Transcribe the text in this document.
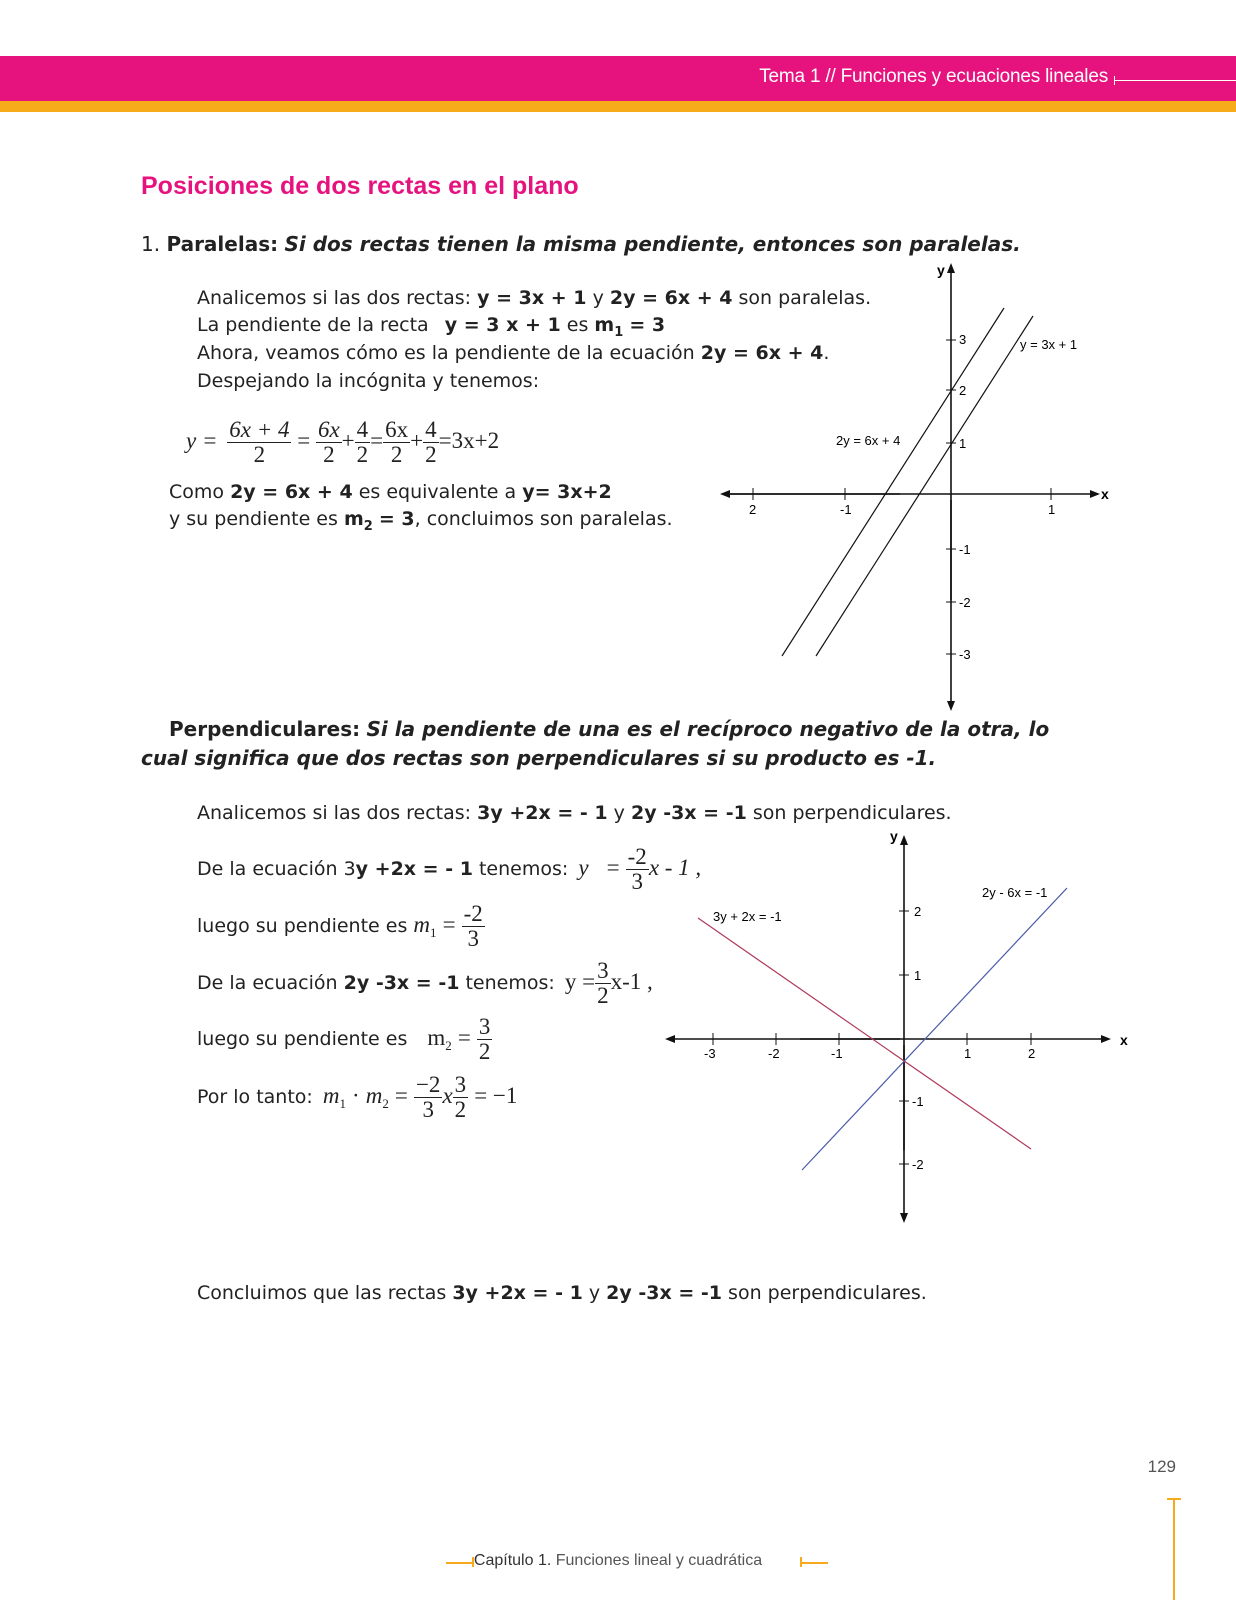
Tema 1 // Funciones y ecuaciones lineales
Posiciones de dos rectas en el plano
1. Paralelas: Si dos rectas tienen la misma pendiente, entonces son paralelas.
Analicemos si las dos rectas: y = 3x + 1 y 2y = 6x + 4 son paralelas.
La pendiente de la recta y = 3 x + 1 es $m_1 = 3$
Ahora, veamos cómo es la pendiente de la ecuación 2y = 6x + 4.
Despejando la incógnita y tenemos:
$y = \frac{6x + 4}{2} = \frac{6x}{2} + \frac{4}{2} = \frac{6x}{2} + \frac{4}{2} =3x+2$
Como 2y = 6x + 4 es equivalente a y= 3x+2
y su pendiente es $m_2 = 3$, concluimos son paralelas.	2	-1	1
3
2
1
-1
-2
-3
x
y
y = 3x + 1
2y = 6x + 4
Perpendiculares: Si la pendiente de una es el recíproco negativo de la otra, lo
cual significa que dos rectas son perpendiculares si su producto es -1.
Analicemos si las dos rectas: 3y +2x = - 1 y 2y -3x = -1 son perpendiculares.
De la ecuación 3y +2x = - 1 tenemos: $y = \frac{-2}{3}$ x - 1 ,
luego su pendiente es $m_1 = \frac{-2}{3}$
De la ecuación 2y -3x = -1 tenemos: $y = \frac{3}{2} x-1$ ,
luego su pendiente es $m_2 = \frac{3}{2}$
Por lo tanto: $m_1 \cdot m_2 = \frac{-2}{3}$ x $\frac{3}{2} = -1$
-3	-2	-1	1	2
2
1
-1
-2
x
y
3y + 2x = -1
2y - 6x = -1
Concluimos que las rectas 3y +2x = - 1 y 2y -3x = -1 son perpendiculares.
129
Capítulo 1. Funciones lineal y cuadrática
